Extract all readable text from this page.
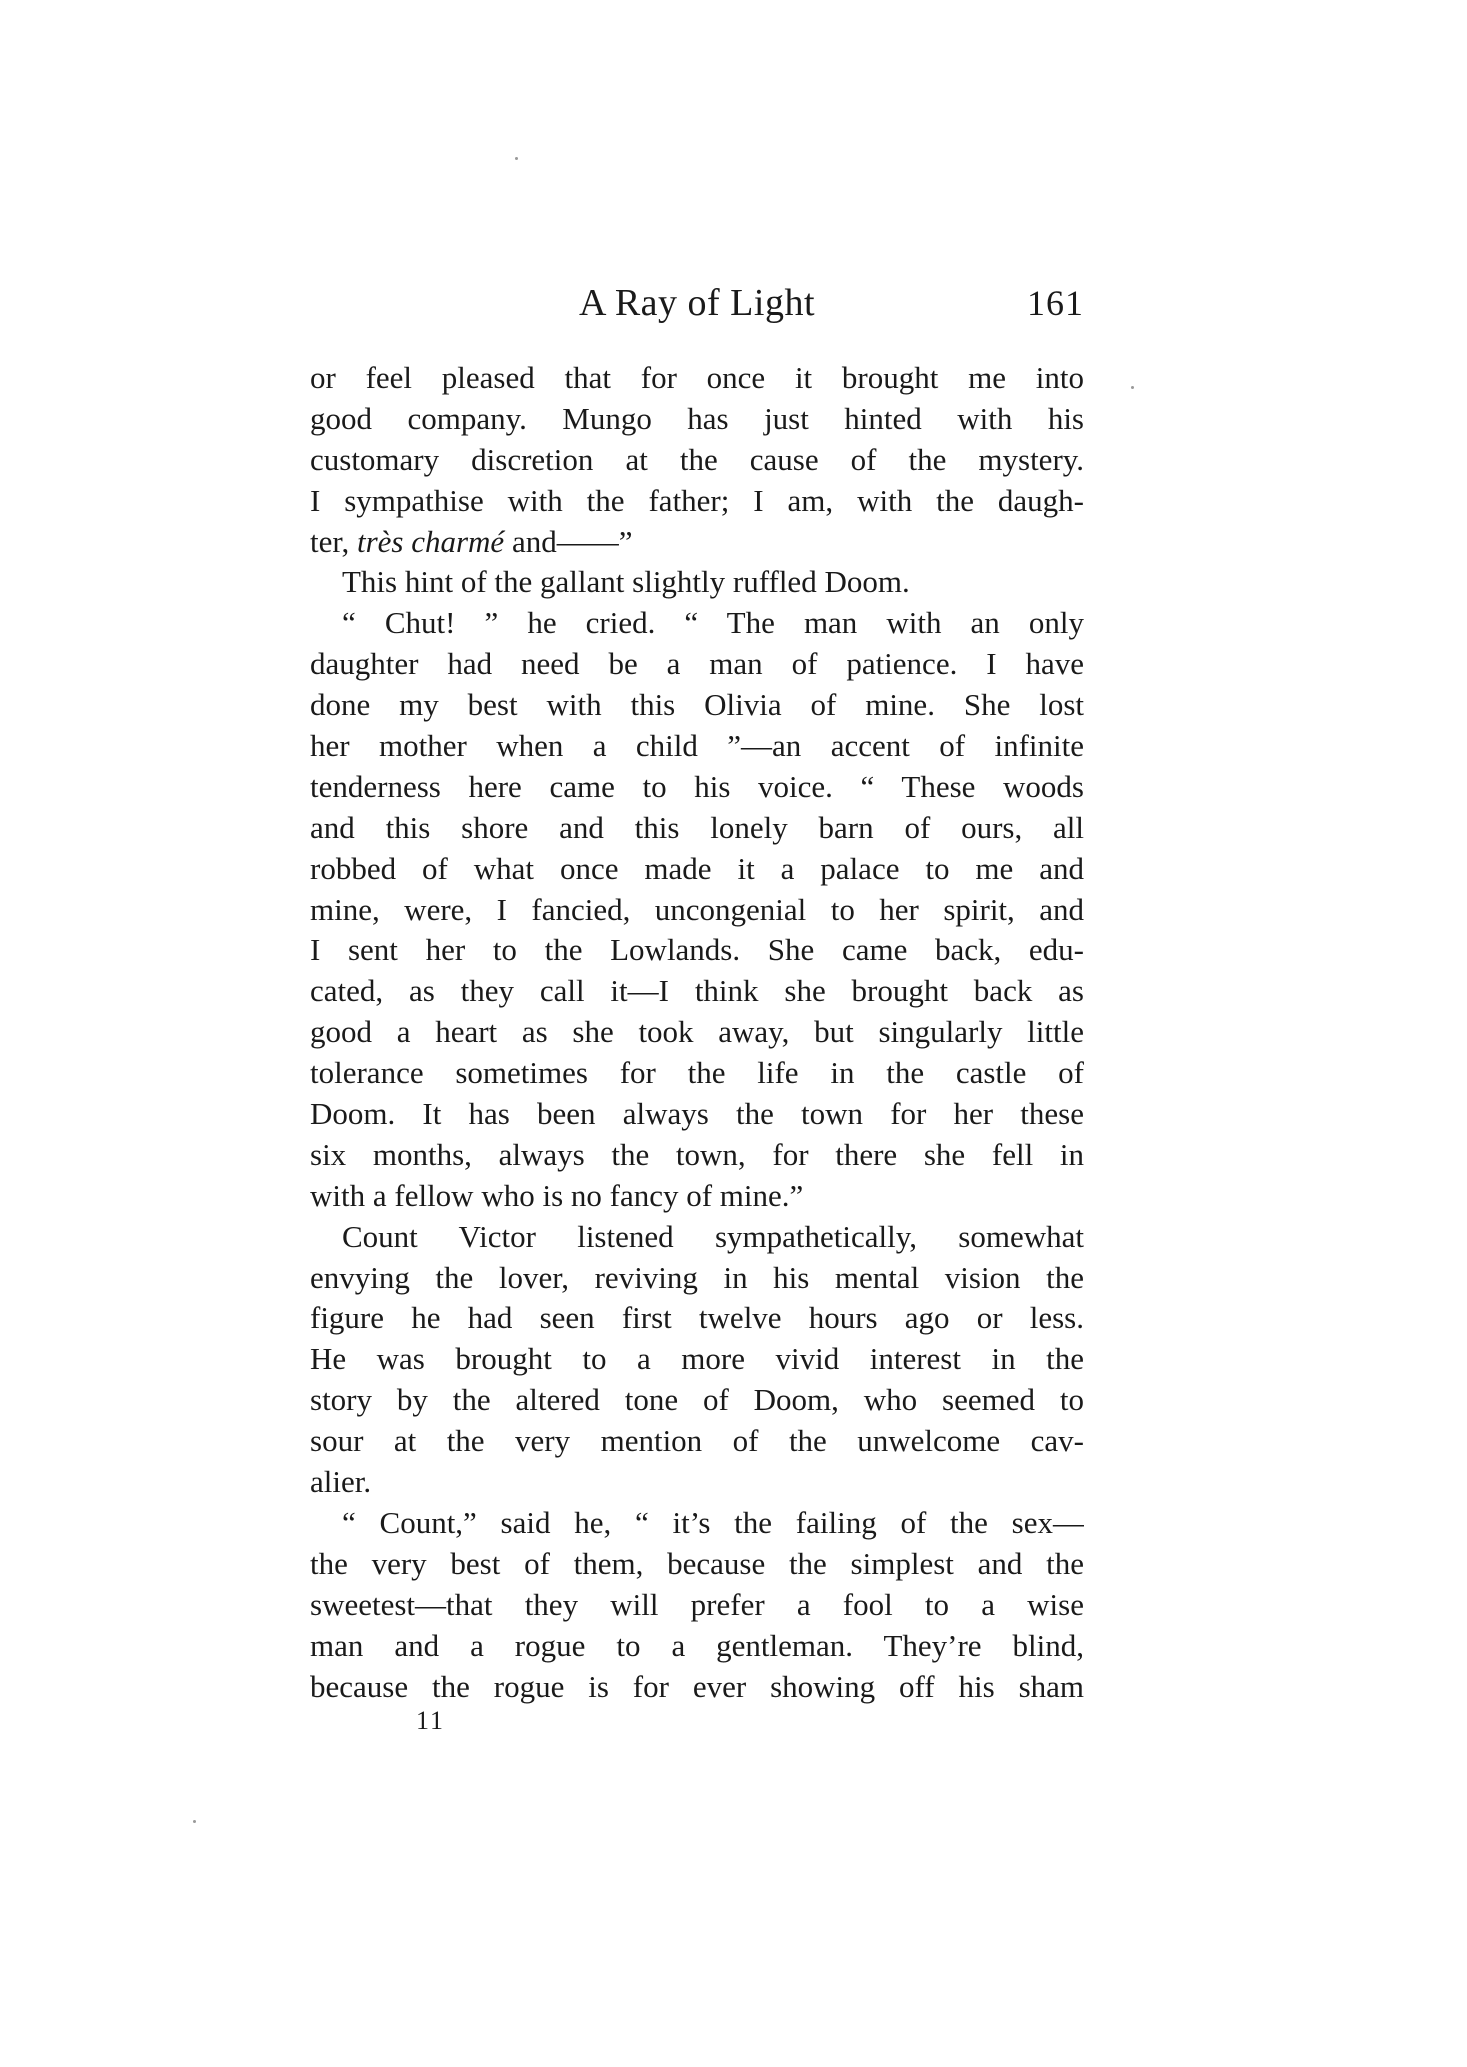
A Ray of Light	161
or feel pleased that for once it brought me into
good company. Mungo has just hinted with his
customary discretion at the cause of the mystery.
I sympathise with the father; I am, with the daugh-
ter, très charmé and——”
This hint of the gallant slightly ruffled Doom.
“ Chut! ” he cried. “ The man with an only
daughter had need be a man of patience. I have
done my best with this Olivia of mine. She lost
her mother when a child ”—an accent of infinite
tenderness here came to his voice. “ These woods
and this shore and this lonely barn of ours, all
robbed of what once made it a palace to me and
mine, were, I fancied, uncongenial to her spirit, and
I sent her to the Lowlands. She came back, edu-
cated, as they call it—I think she brought back as
good a heart as she took away, but singularly little
tolerance sometimes for the life in the castle of
Doom. It has been always the town for her these
six months, always the town, for there she fell in
with a fellow who is no fancy of mine.”
Count Victor listened sympathetically, somewhat
envying the lover, reviving in his mental vision the
figure he had seen first twelve hours ago or less.
He was brought to a more vivid interest in the
story by the altered tone of Doom, who seemed to
sour at the very mention of the unwelcome cav-
alier.
“ Count,” said he, “ it’s the failing of the sex—
the very best of them, because the simplest and the
sweetest—that they will prefer a fool to a wise
man and a rogue to a gentleman. They’re blind,
because the rogue is for ever showing off his sham
11
